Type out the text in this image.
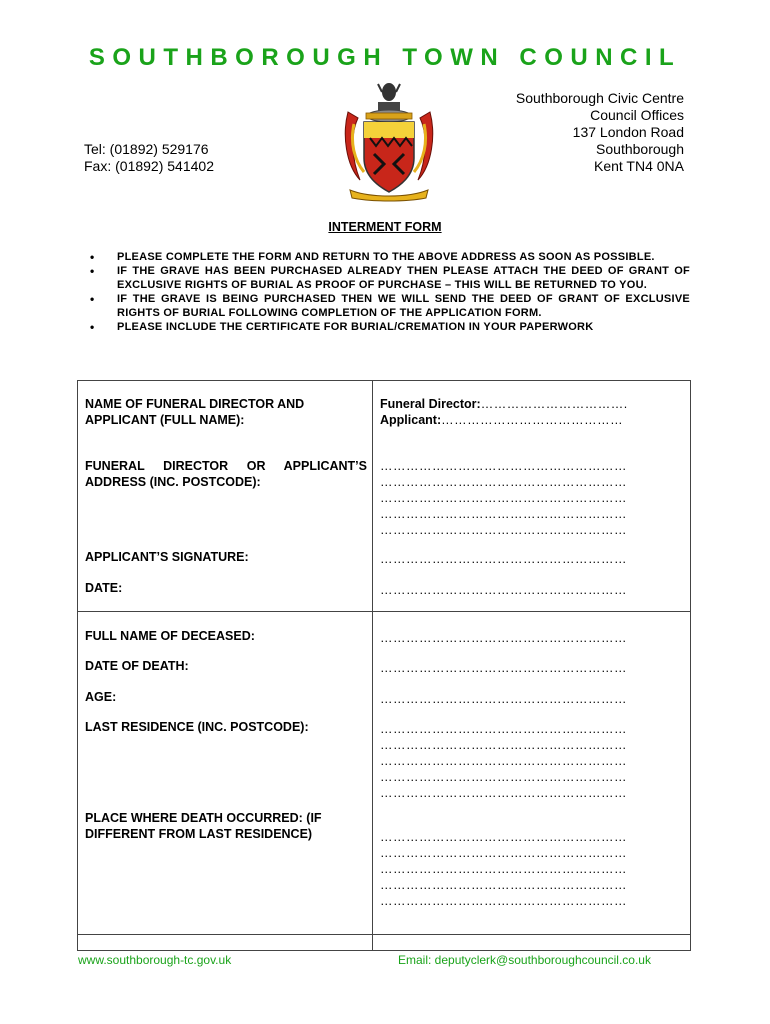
SOUTHBOROUGH TOWN COUNCIL
Tel: (01892) 529176
Fax: (01892) 541402
Southborough Civic Centre
Council Offices
137 London Road
Southborough
Kent TN4 0NA
INTERMENT FORM
• PLEASE COMPLETE THE FORM AND RETURN TO THE ABOVE ADDRESS AS SOON AS POSSIBLE.
• IF THE GRAVE HAS BEEN PURCHASED ALREADY THEN PLEASE ATTACH THE DEED OF GRANT OF EXCLUSIVE RIGHTS OF BURIAL AS PROOF OF PURCHASE – THIS WILL BE RETURNED TO YOU.
• IF THE GRAVE IS BEING PURCHASED THEN WE WILL SEND THE DEED OF GRANT OF EXCLUSIVE RIGHTS OF BURIAL FOLLOWING COMPLETION OF THE APPLICATION FORM.
• PLEASE INCLUDE THE CERTIFICATE FOR BURIAL/CREMATION IN YOUR PAPERWORK
NAME OF FUNERAL DIRECTOR AND APPLICANT (FULL NAME):
Funeral Director:…………………………….
Applicant:……………………………………
FUNERAL DIRECTOR OR APPLICANT’S ADDRESS (INC. POSTCODE):
…………………………………………………
…………………………………………………
…………………………………………………
…………………………………………………
…………………………………………………
APPLICANT’S SIGNATURE:	…………………………………………………
DATE:	…………………………………………………
FULL NAME OF DECEASED:	…………………………………………………
DATE OF DEATH:	…………………………………………………
AGE:	…………………………………………………
LAST RESIDENCE (INC. POSTCODE):	…………………………………………………
…………………………………………………
…………………………………………………
…………………………………………………
…………………………………………………
PLACE WHERE DEATH OCCURRED: (IF DIFFERENT FROM LAST RESIDENCE)	…………………………………………………
…………………………………………………
…………………………………………………
…………………………………………………
…………………………………………………
www.southborough-tc.gov.uk	Email: deputyclerk@southboroughcouncil.co.uk
